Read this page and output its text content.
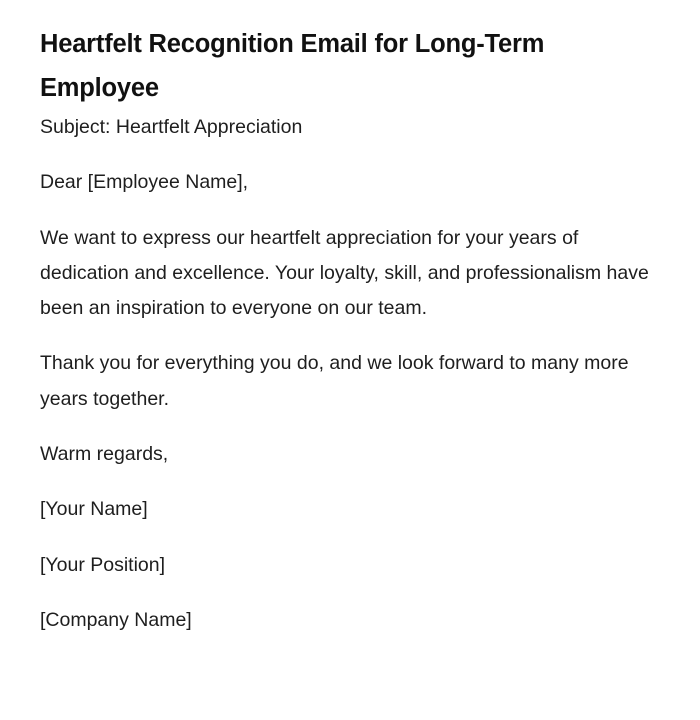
Heartfelt Recognition Email for Long-Term Employee

Subject: Heartfelt Appreciation

Dear [Employee Name],

We want to express our heartfelt appreciation for your years of dedication and excellence. Your loyalty, skill, and professionalism have been an inspiration to everyone on our team.

Thank you for everything you do, and we look forward to many more years together.

Warm regards,

[Your Name]

[Your Position]

[Company Name]
